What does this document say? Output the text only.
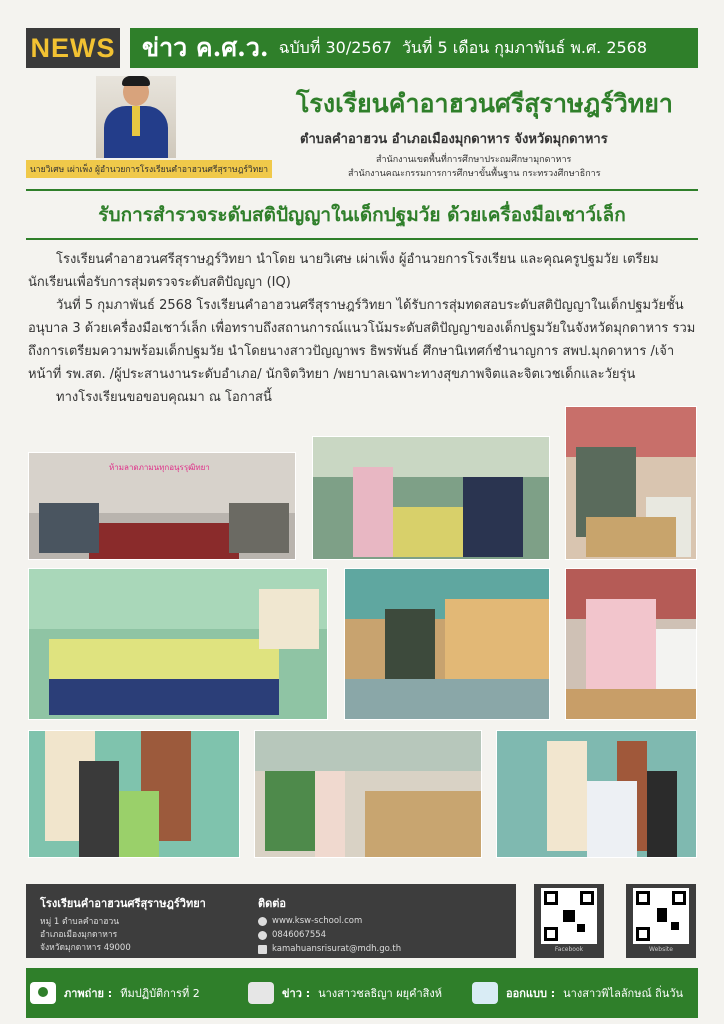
NEWS ข่าว ค.ศ.ว. ฉบับที่ 30/2567 วันที่ 5 เดือน กุมภาพันธ์ พ.ศ. 2568
นายวิเศษ เผ่าเพ็ง ผู้อำนวยการโรงเรียนคำอาฮวนศรีสุราษฎร์วิทยา
โรงเรียนคำอาฮวนศรีสุราษฎร์วิทยา
ตำบลคำอาฮวน อำเภอเมืองมุกดาหาร จังหวัดมุกดาหาร
สำนักงานเขตพื้นที่การศึกษาประถมศึกษามุกดาหาร
สำนักงานคณะกรรมการการศึกษาขั้นพื้นฐาน กระทรวงศึกษาธิการ
รับการสำรวจระดับสติปัญญาในเด็กปฐมวัย ด้วยเครื่องมือเชาว์เล็ก

โรงเรียนคำอาฮวนศรีสุราษฎร์วิทยา นำโดย นายวิเศษ เผ่าเพ็ง ผู้อำนวยการโรงเรียน และคุณครูปฐมวัย เตรียมนักเรียนเพื่อรับการสุ่มตรวจระดับสติปัญญา (IQ)

วันที่ 5 กุมภาพันธ์ 2568 โรงเรียนคำอาฮวนศรีสุราษฎร์วิทยา ได้รับการสุ่มทดสอบระดับสติปัญญาในเด็กปฐมวัยชั้นอนุบาล 3 ด้วยเครื่องมือเชาว์เล็ก เพื่อทราบถึงสถานการณ์แนวโน้มระดับสติปัญญาของเด็กปฐมวัยในจังหวัดมุกดาหาร รวมถึงการเตรียมความพร้อมเด็กปฐมวัย นำโดยนางสาวปัญญาพร ธิพรพันธ์ ศึกษานิเทศก์ชำนาญการ สพป.มุกดาหาร /เจ้าหน้าที่ รพ.สต. /ผู้ประสานงานระดับอำเภอ/ นักจิตวิทยา /พยาบาลเฉพาะทางสุขภาพจิตและจิตเวชเด็กและวัยรุ่น

ทางโรงเรียนขอขอบคุณมา ณ โอกาสนี้

ห้ามลาดภามนทุกอนุรรุฒิทยา
โรงเรียนคำอาฮวนศรีสุราษฎร์วิทยา
หมู่ 1 ตำบลคำอาฮวน
อำเภอเมืองมุกดาหาร
จังหวัดมุกดาหาร 49000
ติดต่อ
www.ksw-school.com
0846067554
kamahuansrisurat@mdh.go.th	Facebook	Website
ภาพถ่าย : ทีมปฏิบัติการที่ 2	ข่าว : นางสาวชลธิญา ผยุคำสิงห์	ออกแบบ : นางสาวพิไลลักษณ์ ถิ่นวัน
